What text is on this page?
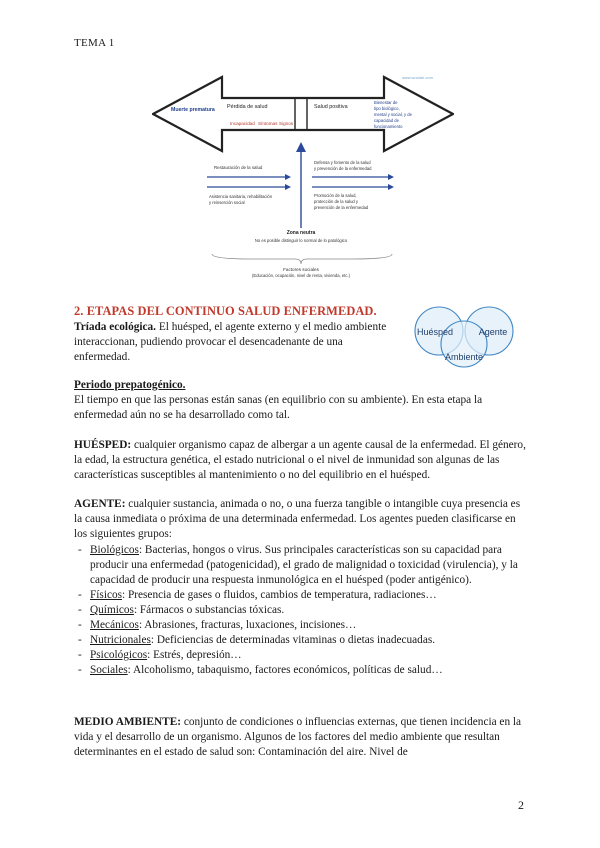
TEMA 1
www.wuolah.com
Muerte prematura Pérdida de salud
Incapacidad Síntomas Signos
Salud positiva
Bienestar de
tipo biológico,
mental y social, y de
capacidad de
funcionamiento
Restauración de la salud
Asistencia sanitaria, rehabilitación
y reinserción social
Defensa y fomento de la salud
y prevención de la enfermedad
Promoción de la salud,
protección de la salud y
prevención de la enfermedad
Zona neutra
No es posible distinguir lo normal de lo patológico
Factores sociales
(Educación, ocupación, nivel de renta, vivienda, etc.)
Huésped	Agente
Ambiente
2. ETAPAS DEL CONTINUO SALUD ENFERMEDAD.

Tríada ecológica. El huésped, el agente externo y el medio ambiente interaccionan, pudiendo provocar el desencadenante de una enfermedad.

Periodo prepatogénico.

El tiempo en que las personas están sanas (en equilibrio con su ambiente). En esta etapa la enfermedad aún no se ha desarrollado como tal.

HUÉSPED: cualquier organismo capaz de albergar a un agente causal de la enfermedad. El género, la edad, la estructura genética, el estado nutricional o el nivel de inmunidad son algunas de las características susceptibles al mantenimiento o no del equilibrio en el huésped.

AGENTE: cualquier sustancia, animada o no, o una fuerza tangible o intangible cuya presencia es la causa inmediata o próxima de una determinada enfermedad. Los agentes pueden clasificarse en los siguientes grupos:

- Biológicos: Bacterias, hongos o virus. Sus principales características son su capacidad para producir una enfermedad (patogenicidad), el grado de malignidad o toxicidad (virulencia), y la capacidad de producir una respuesta inmunológica en el huésped (poder antigénico).
- Físicos: Presencia de gases o fluidos, cambios de temperatura, radiaciones…
- Químicos: Fármacos o substancias tóxicas.
- Mecánicos: Abrasiones, fracturas, luxaciones, incisiones…
- Nutricionales: Deficiencias de determinadas vitaminas o dietas inadecuadas.
- Psicológicos: Estrés, depresión…
- Sociales: Alcoholismo, tabaquismo, factores económicos, políticas de salud…

MEDIO AMBIENTE: conjunto de condiciones o influencias externas, que tienen incidencia en la vida y el desarrollo de un organismo. Algunos de los factores del medio ambiente que resultan determinantes en el estado de salud son: Contaminación del aire. Nivel de

2
